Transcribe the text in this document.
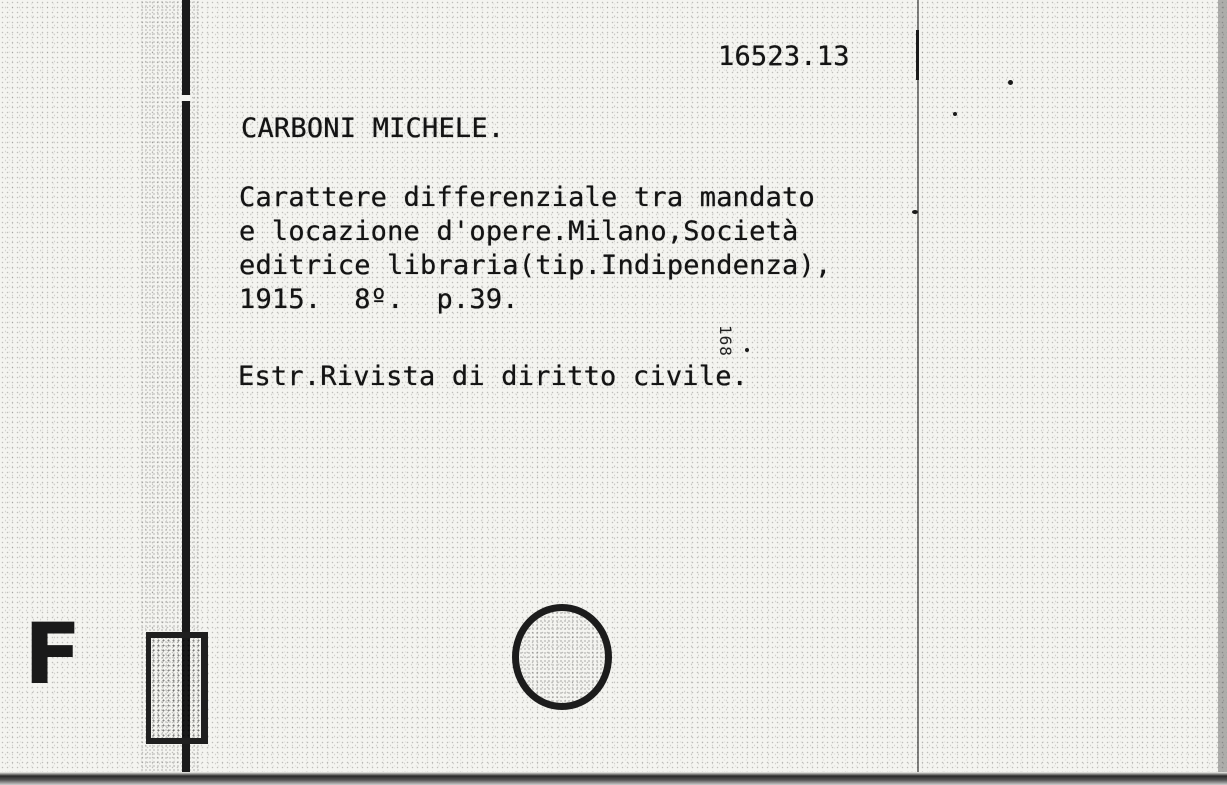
16523.13
CARBONI MICHELE.
Carattere differenziale tra mandato
e locazione d'opere.Milano,Società
editrice libraria(tip.Indipendenza),
1915.  8º.  p.39.
Estr.Rivista di diritto civile.
168
F
